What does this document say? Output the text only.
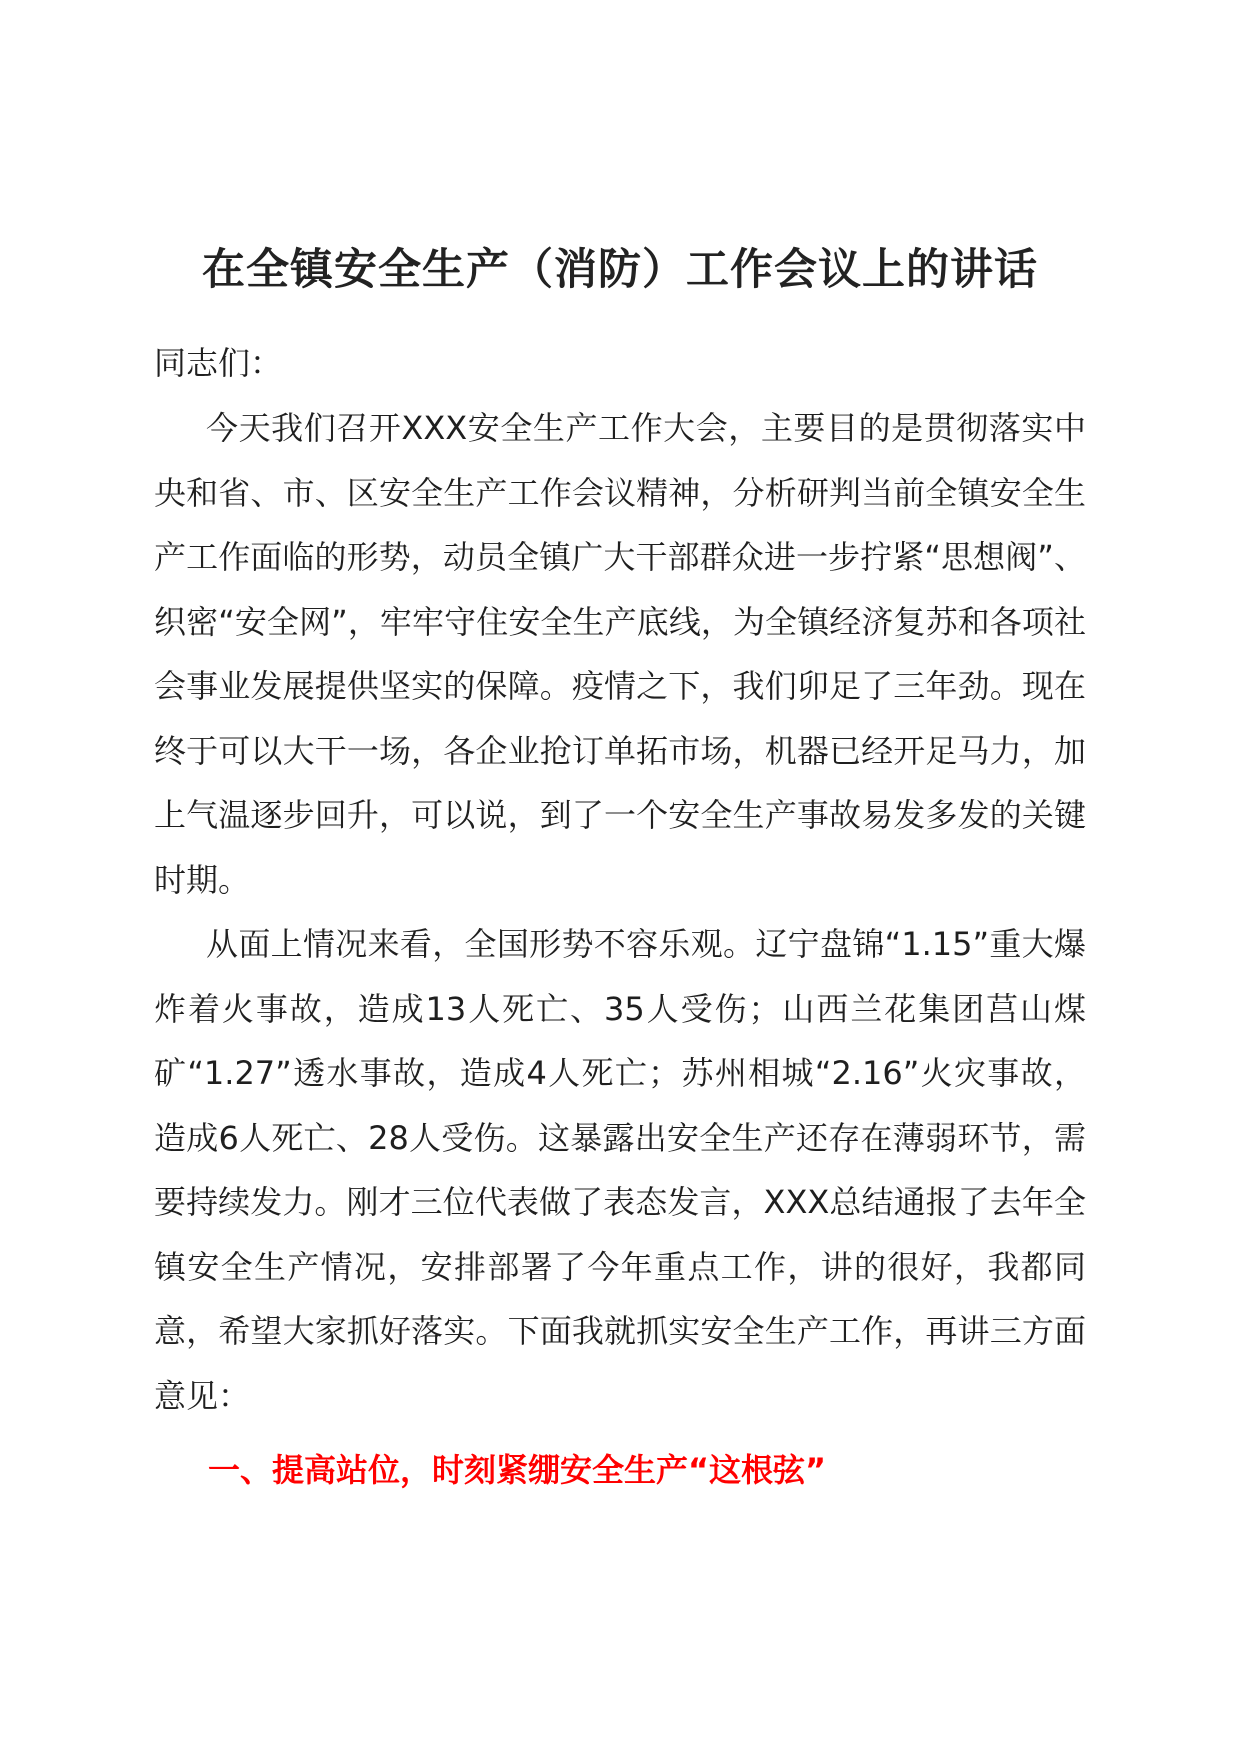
在全镇安全生产（消防）工作会议上的讲话

同志们：

今天我们召开XXX安全生产工作大会，主要目的是贯彻落实中央和省、市、区安全生产工作会议精神，分析研判当前全镇安全生产工作面临的形势，动员全镇广大干部群众进一步拧紧“思想阀”、织密“安全网”，牢牢守住安全生产底线，为全镇经济复苏和各项社会事业发展提供坚实的保障。疫情之下，我们卯足了三年劲。现在终于可以大干一场，各企业抢订单拓市场，机器已经开足马力，加上气温逐步回升，可以说，到了一个安全生产事故易发多发的关键时期。

从面上情况来看，全国形势不容乐观。辽宁盘锦“1.15”重大爆炸着火事故，造成13人死亡、35人受伤；山西兰花集团莒山煤矿“1.27”透水事故，造成4人死亡；苏州相城“2.16”火灾事故，造成6人死亡、28人受伤。这暴露出安全生产还存在薄弱环节，需要持续发力。刚才三位代表做了表态发言，XXX总结通报了去年全镇安全生产情况，安排部署了今年重点工作，讲的很好，我都同意，希望大家抓好落实。下面我就抓实安全生产工作，再讲三方面意见：

一、提高站位，时刻紧绷安全生产“这根弦”
